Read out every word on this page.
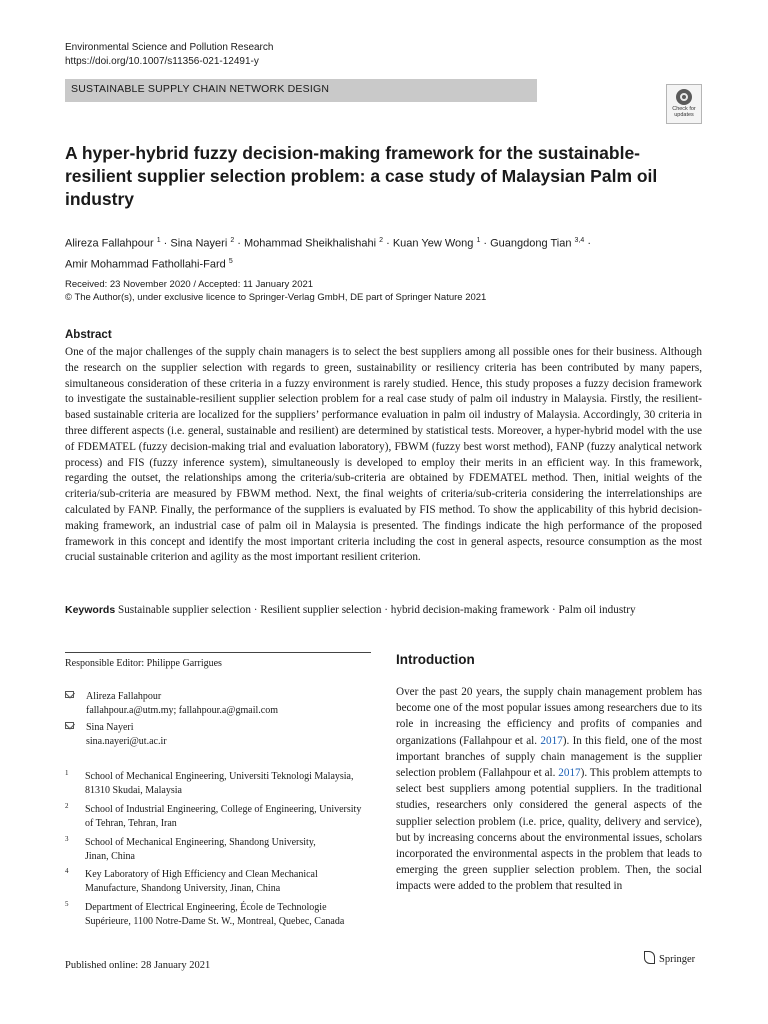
Environmental Science and Pollution Research
https://doi.org/10.1007/s11356-021-12491-y
SUSTAINABLE SUPPLY CHAIN NETWORK DESIGN
Check for updates
A hyper-hybrid fuzzy decision-making framework for the sustainable-resilient supplier selection problem: a case study of Malaysian Palm oil industry
Alireza Fallahpour $^1$ · Sina Nayeri $^2$ · Mohammad Sheikhalishahi $^2$ · Kuan Yew Wong $^1$ · Guangdong Tian $^{3,4}$ ·
Amir Mohammad Fathollahi-Fard $^5$
Received: 23 November 2020 / Accepted: 11 January 2021
© The Author(s), under exclusive licence to Springer-Verlag GmbH, DE part of Springer Nature 2021
Abstract
One of the major challenges of the supply chain managers is to select the best suppliers among all possible ones for their business. Although the research on the supplier selection with regards to green, sustainability or resiliency criteria has been contributed by many papers, simultaneous consideration of these criteria in a fuzzy environment is rarely studied. Hence, this study proposes a fuzzy decision framework to investigate the sustainable-resilient supplier selection problem for a real case study of palm oil industry in Malaysia. Firstly, the resilient-based sustainable criteria are localized for the suppliers’ performance evaluation in palm oil industry of Malaysia. Accordingly, 30 criteria in three different aspects (i.e. general, sustainable and resilient) are determined by statistical tests. Moreover, a hyper-hybrid model with the use of FDEMATEL (fuzzy decision-making trial and evaluation laboratory), FBWM (fuzzy best worst method), FANP (fuzzy analytical network process) and FIS (fuzzy inference system), simultaneously is developed to employ their merits in an efficient way. In this framework, regarding the outset, the relationships among the criteria/sub-criteria are obtained by FDEMATEL method. Then, initial weights of the criteria/sub-criteria are measured by FBWM method. Next, the final weights of criteria/sub-criteria considering the interrelationships are calculated by FANP. Finally, the performance of the suppliers is evaluated by FIS method. To show the applicability of this hybrid decision-making framework, an industrial case of palm oil in Malaysia is presented. The findings indicate the high performance of the proposed framework in this concept and identify the most important criteria including the cost in general aspects, resource consumption as the most crucial sustainable criterion and agility as the most important resilient criterion.
Keywords Sustainable supplier selection · Resilient supplier selection · hybrid decision-making framework · Palm oil industry
Responsible Editor: Philippe Garrigues
Alireza Fallahpour
fallahpour.a@utm.my; fallahpour.a@gmail.com
Sina Nayeri
sina.nayeri@ut.ac.ir
1 School of Mechanical Engineering, Universiti Teknologi Malaysia,
81310 Skudai, Malaysia
2 School of Industrial Engineering, College of Engineering, University
of Tehran, Tehran, Iran
3 School of Mechanical Engineering, Shandong University,
Jinan, China
4 Key Laboratory of High Efficiency and Clean Mechanical
Manufacture, Shandong University, Jinan, China
5 Department of Electrical Engineering, École de Technologie
Supérieure, 1100 Notre-Dame St. W., Montreal, Quebec, Canada
Published online: 28 January 2021
Introduction
Over the past 20 years, the supply chain management problem has become one of the most popular issues among researchers due to its role in increasing the efficiency and profits of companies and organizations (Fallahpour et al. 2017). In this field, one of the most important branches of supply chain management is the supplier selection problem (Fallahpour et al. 2017). This problem attempts to select best suppliers among potential suppliers. In the traditional studies, researchers only considered the general aspects of the supplier selection problem (i.e. price, quality, delivery and service), but by increasing concerns about the environmental issues, scholars incorporated the environmental aspects in the problem that leads to emerging the green supplier selection problem. Then, the social impacts were added to the problem that resulted in
Springer
